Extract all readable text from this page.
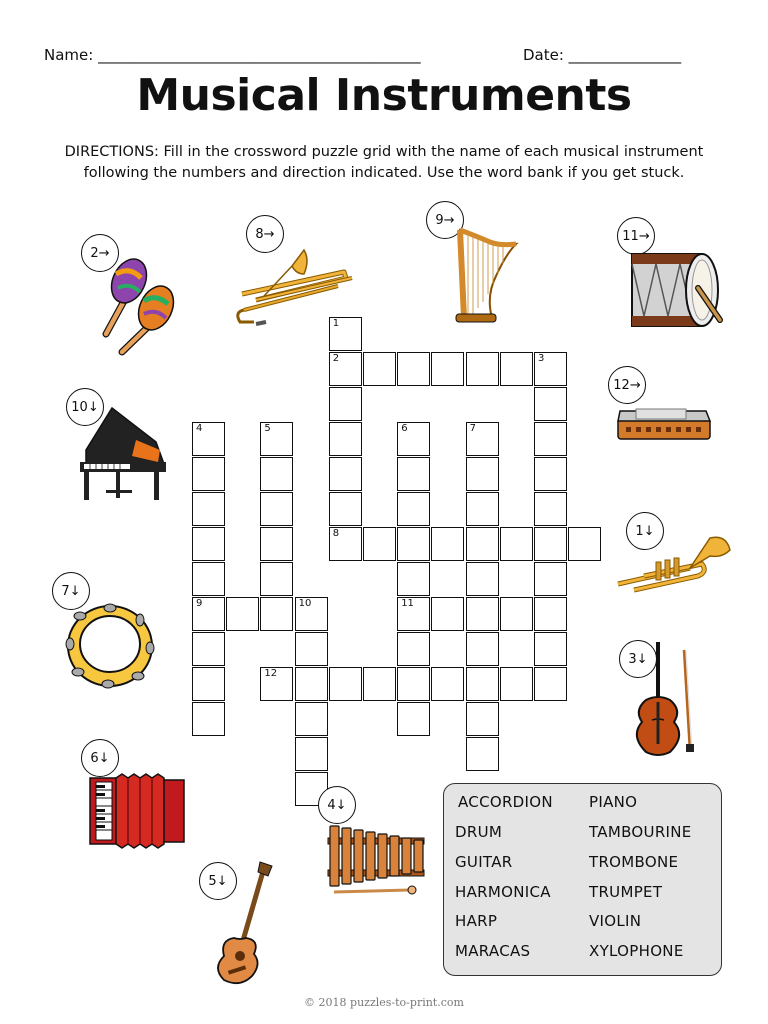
Name: ___________________________________________	Date: _______________
Musical Instruments
DIRECTIONS: Fill in the crossword puzzle grid with the name of each musical instrument
following the numbers and direction indicated. Use the word bank if you get stuck.
2	3
8
9	10	11
12
1
4	5	6	7
2→
8→
9→
11→
12→
10↓
1↓
7↓
3↓
6↓
4↓
5↓
ACCORDION
DRUM
GUITAR
HARMONICA
HARP
MARACAS
PIANO
TAMBOURINE
TROMBONE
TRUMPET
VIOLIN
XYLOPHONE
© 2018 puzzles-to-print.com
